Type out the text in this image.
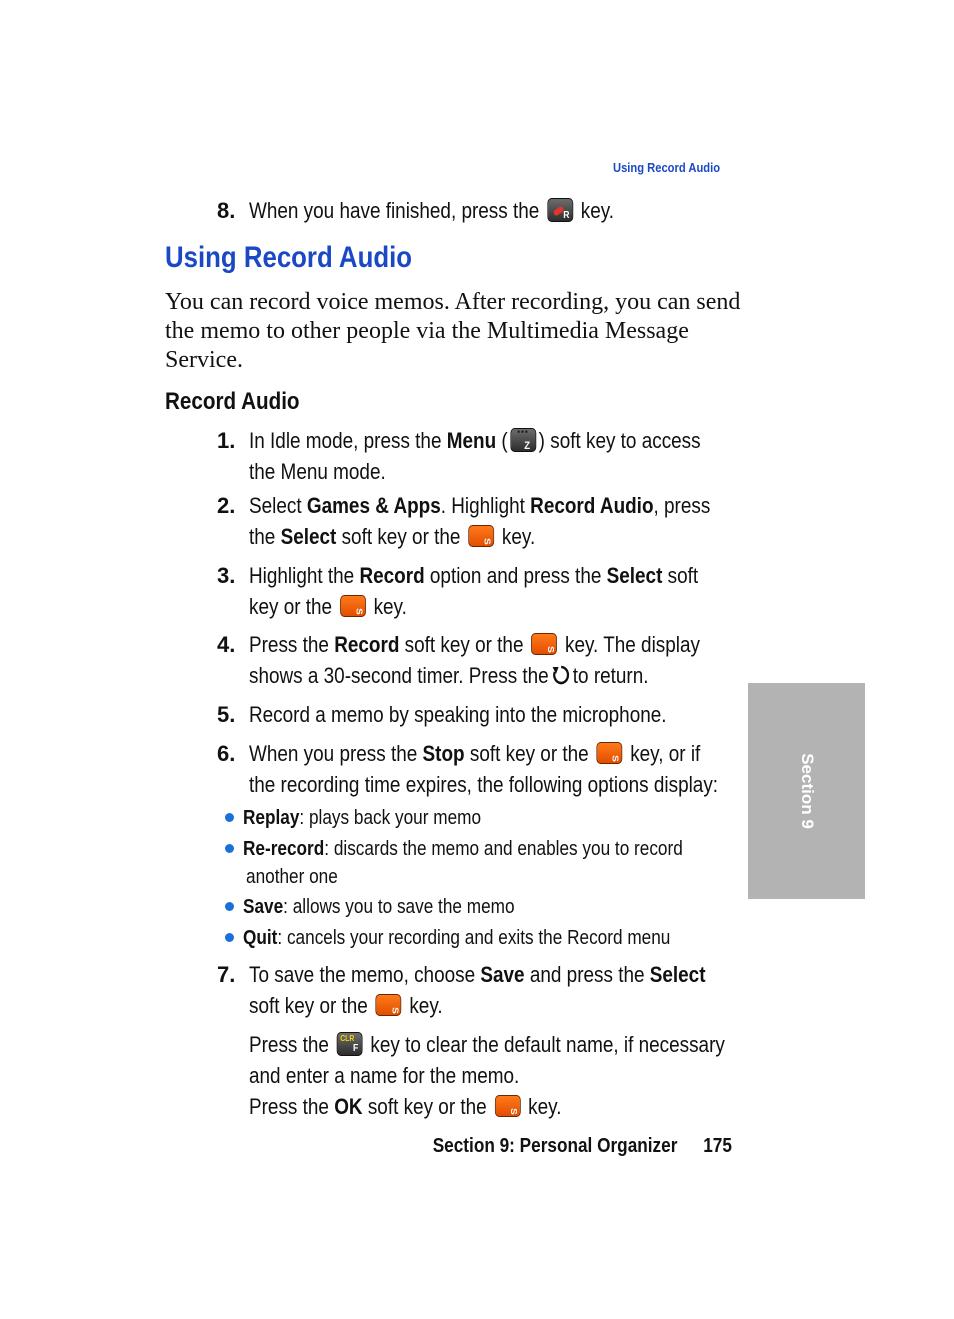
Using Record Audio
8. When you have finished, press the R key.
Using Record Audio
You can record voice memos. After recording, you can send the memo to other people via the Multimedia Message Service.
Record Audio
1. In Idle mode, press the Menu ( ••• Z ) soft key to access
the Menu mode.
2. Select Games & Apps. Highlight Record Audio, press
the Select soft key or the S key.
3. Highlight the Record option and press the Select soft
key or the S key.
4. Press the Record soft key or the S key. The display
shows a 30-second timer. Press the to return.
5. Record a memo by speaking into the microphone.
6. When you press the Stop soft key or the S key, or if
the recording time expires, the following options display:
Replay: plays back your memo
Re-record: discards the memo and enables you to record
another one
Save: allows you to save the memo
Quit: cancels your recording and exits the Record menu
7. To save the memo, choose Save and press the Select
soft key or the S key.
Press the F CLR key to clear the default name, if necessary
and enter a name for the memo.
Press the OK soft key or the S key.
Section 9
Section 9: Personal Organizer 175
